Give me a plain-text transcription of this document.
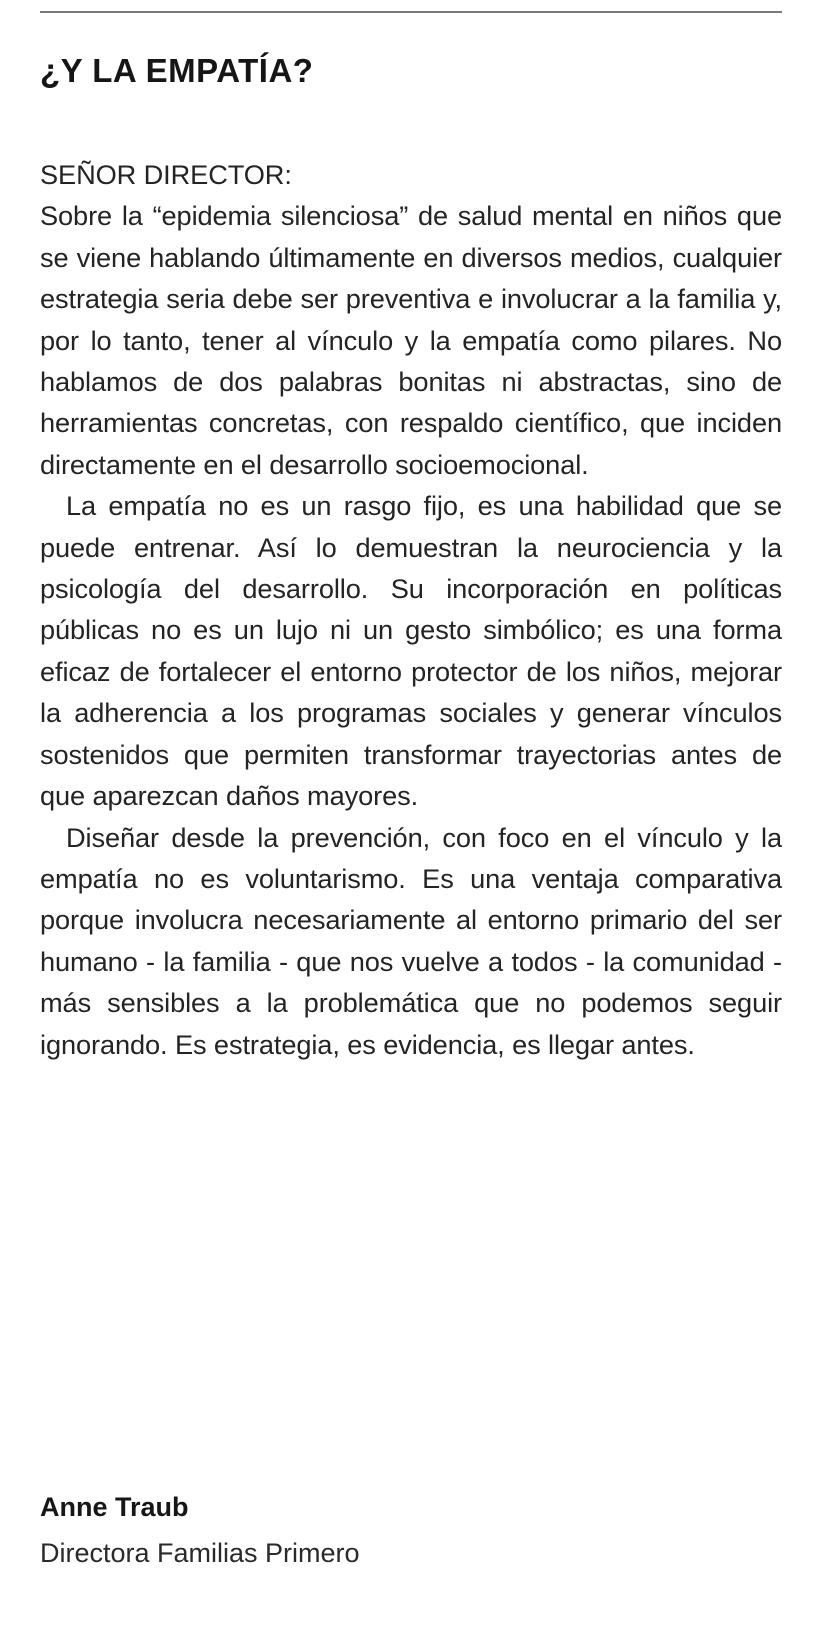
¿Y LA EMPATÍA?

SEÑOR DIRECTOR:

Sobre la “epidemia silenciosa” de salud mental en niños que se viene hablando últimamente en diversos medios, cualquier estrategia seria debe ser preventiva e involucrar a la familia y, por lo tanto, tener al vínculo y la empatía como pilares. No hablamos de dos palabras bonitas ni abstractas, sino de herramientas concretas, con respaldo científico, que inciden directamente en el desarrollo socioemocional.

La empatía no es un rasgo fijo, es una habilidad que se puede entrenar. Así lo demuestran la neurociencia y la psicología del desarrollo. Su incorporación en políticas públicas no es un lujo ni un gesto simbólico; es una forma eficaz de fortalecer el entorno protector de los niños, mejorar la adherencia a los programas sociales y generar vínculos sostenidos que permiten transformar trayectorias antes de que aparezcan daños mayores.

Diseñar desde la prevención, con foco en el vínculo y la empatía no es voluntarismo. Es una ventaja comparativa porque involucra necesariamente al entorno primario del ser humano - la familia - que nos vuelve a todos - la comunidad - más sensibles a la problemática que no podemos seguir ignorando. Es estrategia, es evidencia, es llegar antes.

Anne Traub

Directora Familias Primero
